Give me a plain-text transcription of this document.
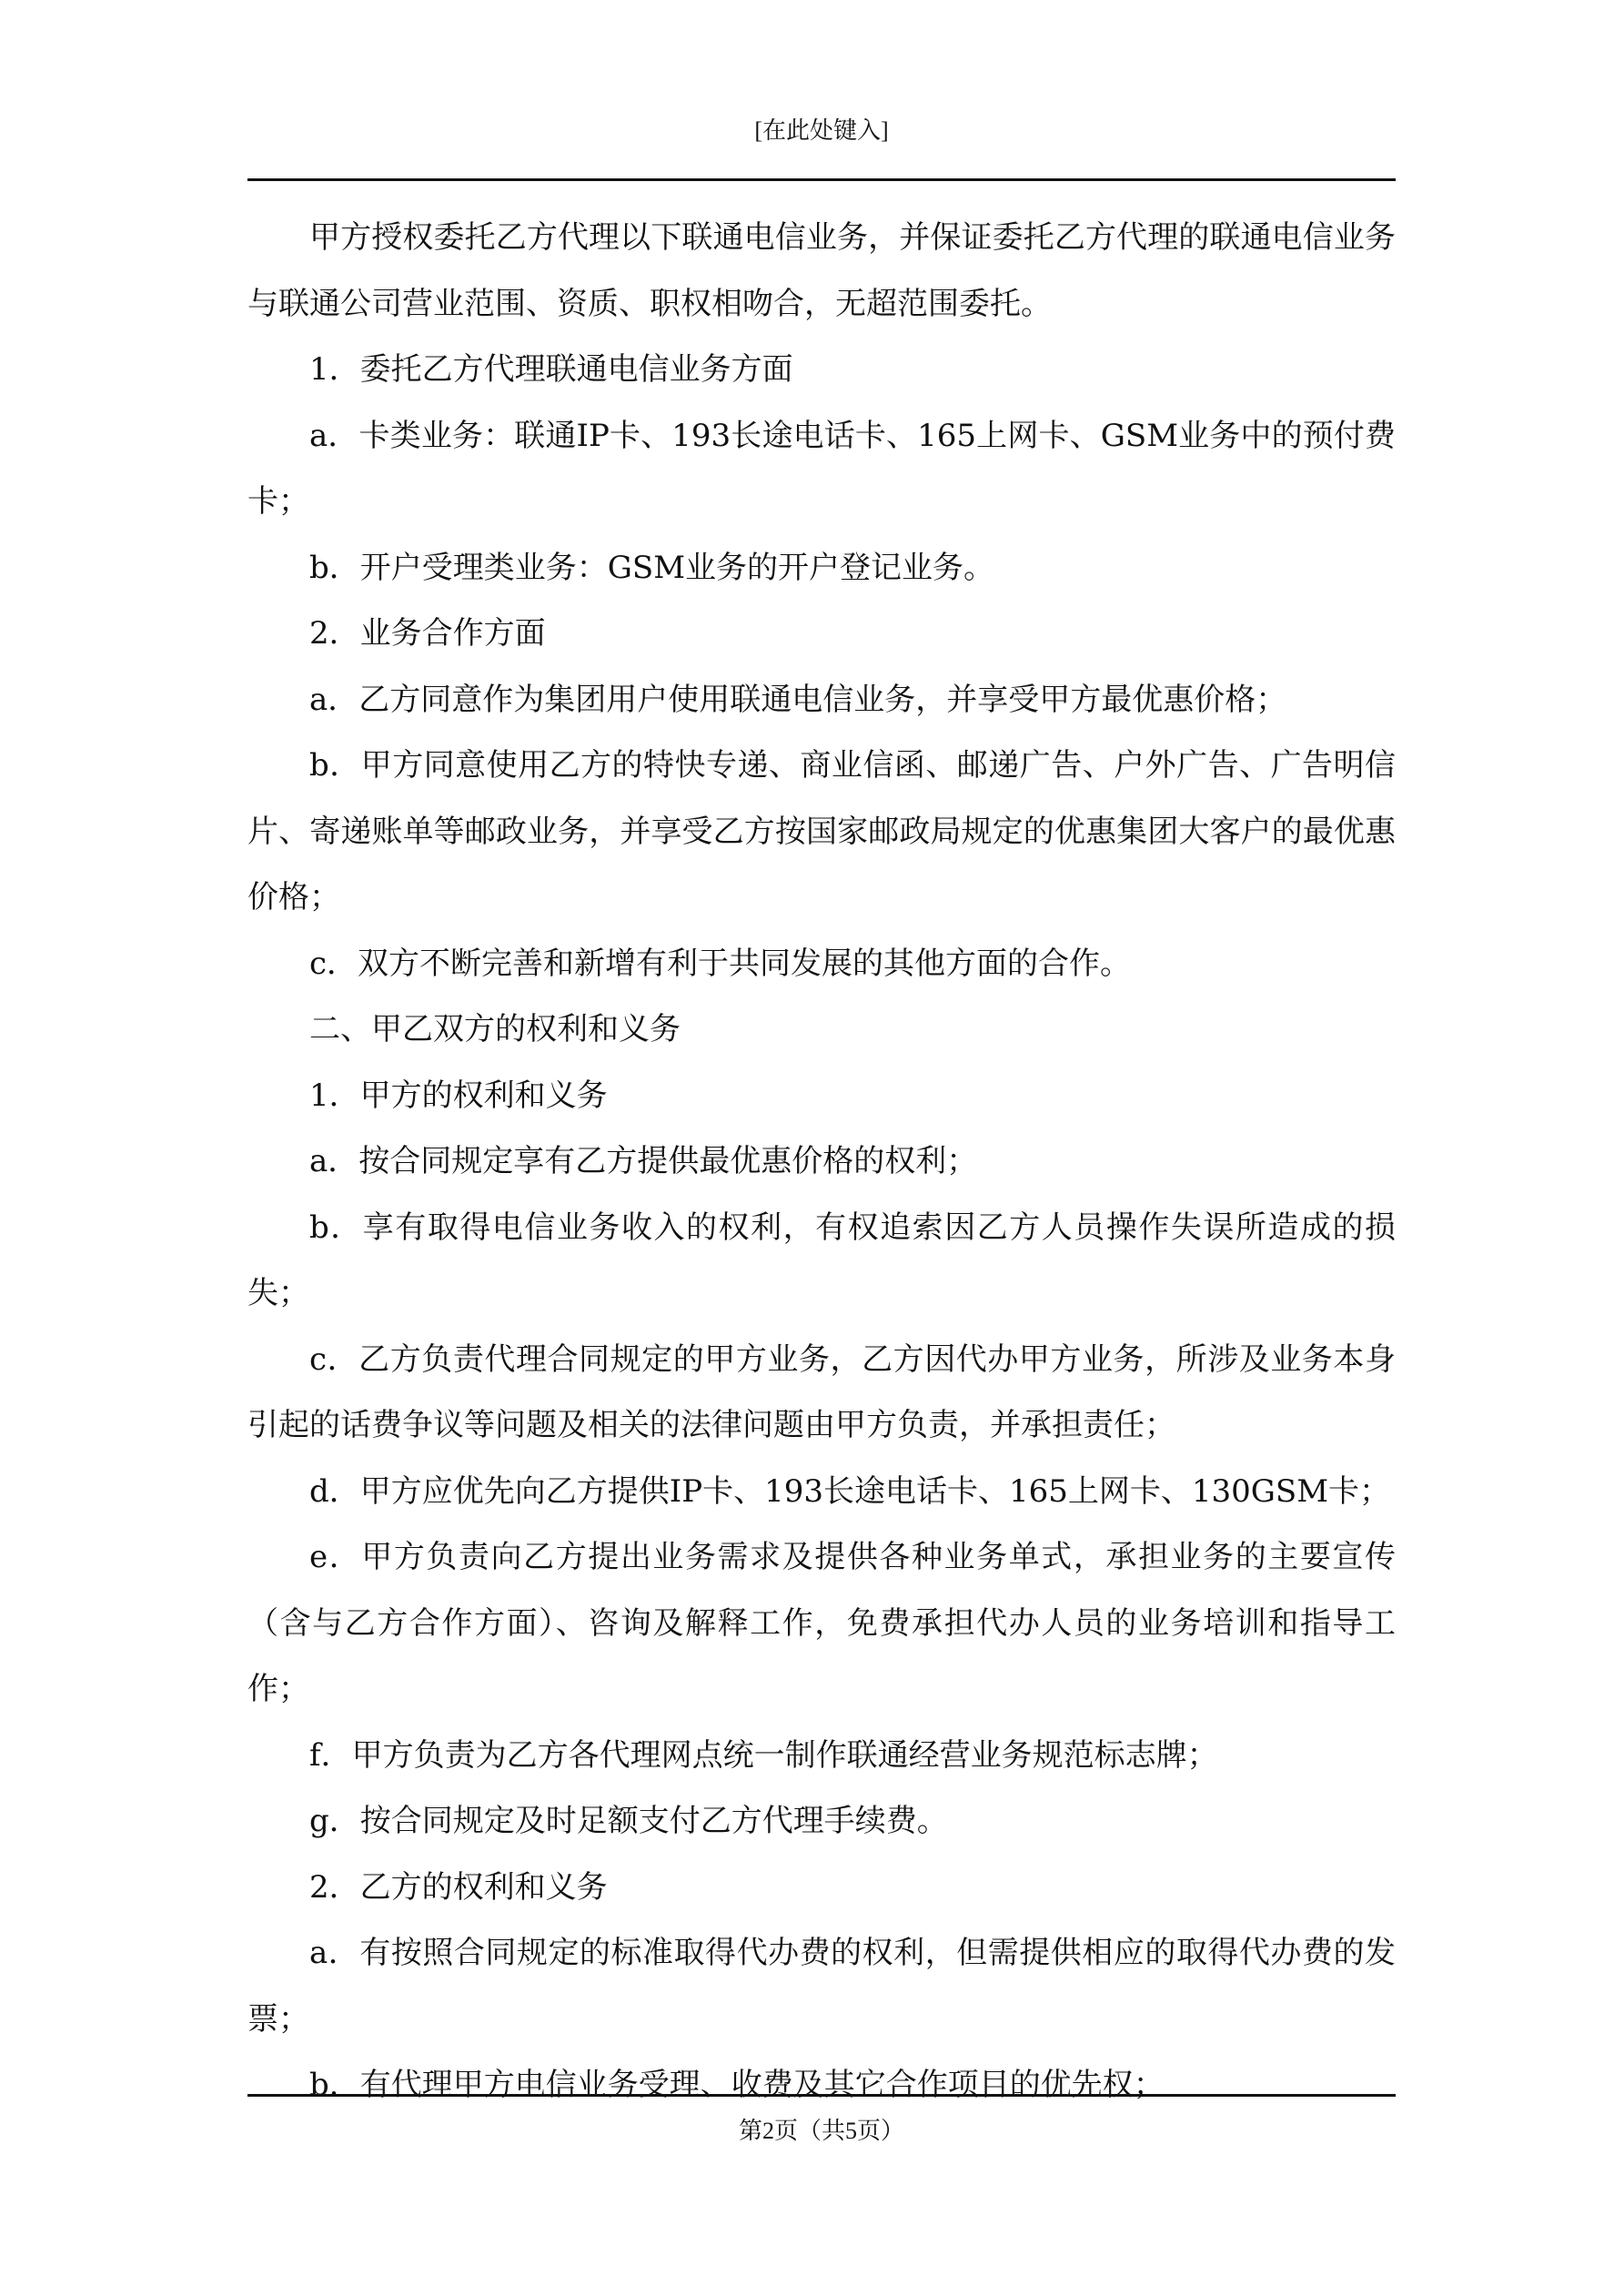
[在此处键入]

甲方授权委托乙方代理以下联通电信业务，并保证委托乙方代理的联通电信业务与联通公司营业范围、资质、职权相吻合，无超范围委托。

1．委托乙方代理联通电信业务方面

a．卡类业务：联通IP卡、193长途电话卡、165上网卡、GSM业务中的预付费卡；

b．开户受理类业务：GSM业务的开户登记业务。

2．业务合作方面

a．乙方同意作为集团用户使用联通电信业务，并享受甲方最优惠价格；

b．甲方同意使用乙方的特快专递、商业信函、邮递广告、户外广告、广告明信片、寄递账单等邮政业务，并享受乙方按国家邮政局规定的优惠集团大客户的最优惠价格；

c．双方不断完善和新增有利于共同发展的其他方面的合作。

二、甲乙双方的权利和义务

1．甲方的权利和义务

a．按合同规定享有乙方提供最优惠价格的权利；

b．享有取得电信业务收入的权利，有权追索因乙方人员操作失误所造成的损失；

c．乙方负责代理合同规定的甲方业务，乙方因代办甲方业务，所涉及业务本身引起的话费争议等问题及相关的法律问题由甲方负责，并承担责任；

d．甲方应优先向乙方提供IP卡、193长途电话卡、165上网卡、130GSM卡；

e．甲方负责向乙方提出业务需求及提供各种业务单式，承担业务的主要宣传（含与乙方合作方面）、咨询及解释工作，免费承担代办人员的业务培训和指导工作；

f．甲方负责为乙方各代理网点统一制作联通经营业务规范标志牌；

g．按合同规定及时足额支付乙方代理手续费。

2．乙方的权利和义务

a．有按照合同规定的标准取得代办费的权利，但需提供相应的取得代办费的发票；

b．有代理甲方电信业务受理、收费及其它合作项目的优先权；

第2页（共5页）
